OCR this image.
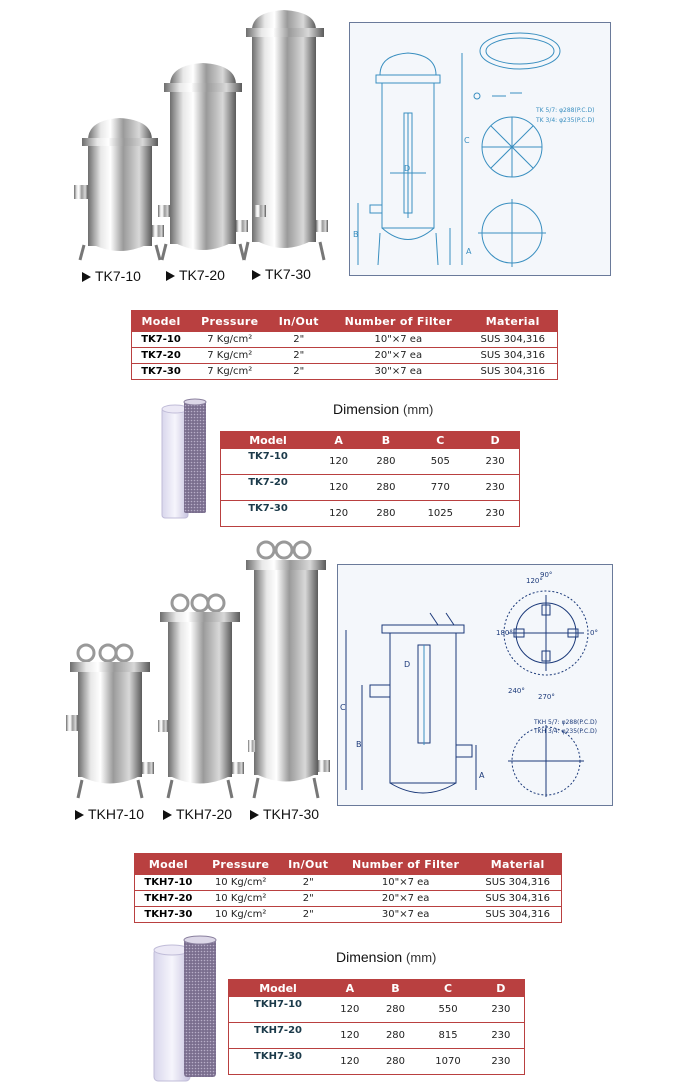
TK7-10	TK7-20	TK7-30
C
B
A
D
TK 5/7: φ288(P.C.D)
TK 3/4: φ235(P.C.D)
Model	Pressure	In/Out	Number of Filter	Material
TK7-10	7 Kg/cm²	2"	10"×7 ea	SUS 304,316
TK7-20	7 Kg/cm²	2"	20"×7 ea	SUS 304,316
TK7-30	7 Kg/cm²	2"	30"×7 ea	SUS 304,316
Dimension (mm)
Model	A	B	C	D
TK7-10	120	280	505	230
TK7-20	120	280	770	230
TK7-30	120	280	1025	230
TKH7-10	TKH7-20	TKH7-30
C
B
A
D
120°
90°
180°	0°
240°
270°
TKH 5/7: φ288(P.C.D)
TKH 3/4: φ235(P.C.D)
Model	Pressure	In/Out	Number of Filter	Material
TKH7-10	10 Kg/cm²	2"	10"×7 ea	SUS 304,316
TKH7-20	10 Kg/cm²	2"	20"×7 ea	SUS 304,316
TKH7-30	10 Kg/cm²	2"	30"×7 ea	SUS 304,316
Dimension (mm)
Model	A	B	C	D
TKH7-10	120	280	550	230
TKH7-20	120	280	815	230
TKH7-30	120	280	1070	230
